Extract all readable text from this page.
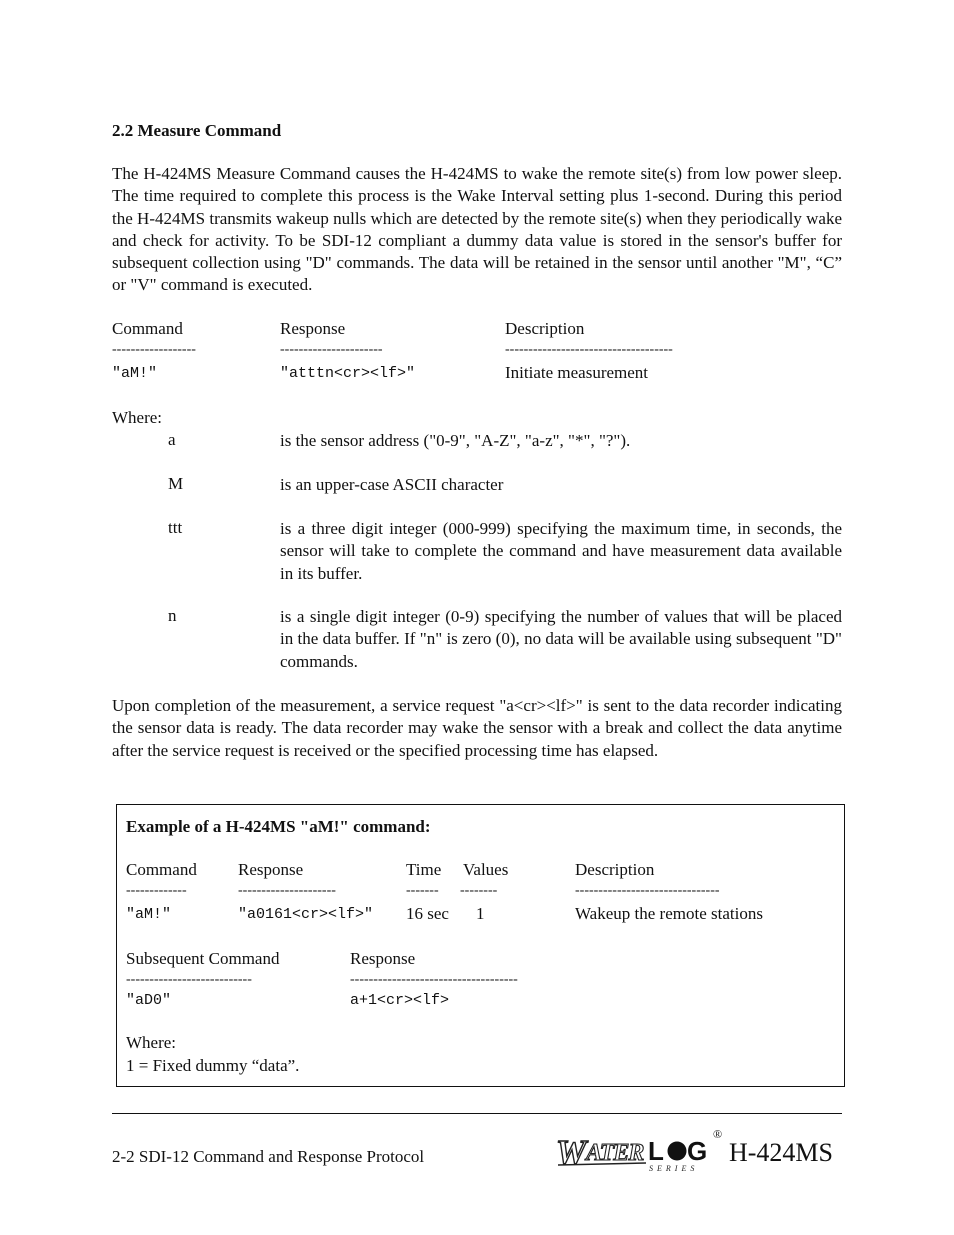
2.2 Measure Command
The H-424MS Measure Command causes the H-424MS to wake the remote site(s) from low power sleep. The time required to complete this process is the Wake Interval setting plus 1-second. During this period the H-424MS transmits wakeup nulls which are detected by the remote site(s) when they periodically wake and check for activity. To be SDI-12 compliant a dummy data value is stored in the sensor's buffer for subsequent collection using "D" commands. The data will be retained in the sensor until another "M", “C” or "V" command is executed.
Command	Response	Description
------------------	----------------------	------------------------------------
"aM!"	"atttn<cr><lf>"	Initiate measurement
Where:
a	is the sensor address ("0-9", "A-Z", "a-z", "*", "?").
M	is an upper-case ASCII character
ttt	is a three digit integer (000-999) specifying the maximum time, in seconds, the sensor will take to complete the command and have measurement data available in its buffer.
n	is a single digit integer (0-9) specifying the number of values that will be placed in the data buffer. If "n" is zero (0), no data will be available using subsequent "D" commands.
Upon completion of the measurement, a service request "a<cr><lf>" is sent to the data recorder indicating the sensor data is ready. The data recorder may wake the sensor with a break and collect the data anytime after the service request is received or the specified processing time has elapsed.
Example of a H-424MS "aM!" command:
Command Response	Time Values	Description
-------------	---------------------	------- --------	-------------------------------
"aM!"	"a0161<cr><lf>" 16 sec 1	Wakeup the remote stations
Subsequent Command	Response
---------------------------	------------------------------------
"aD0"	a+1<cr><lf>
Where:
1 = Fixed dummy “data”.
2-2 SDI-12 Command and Response Protocol	W ATER L G
SERIES
®
H-424MS
